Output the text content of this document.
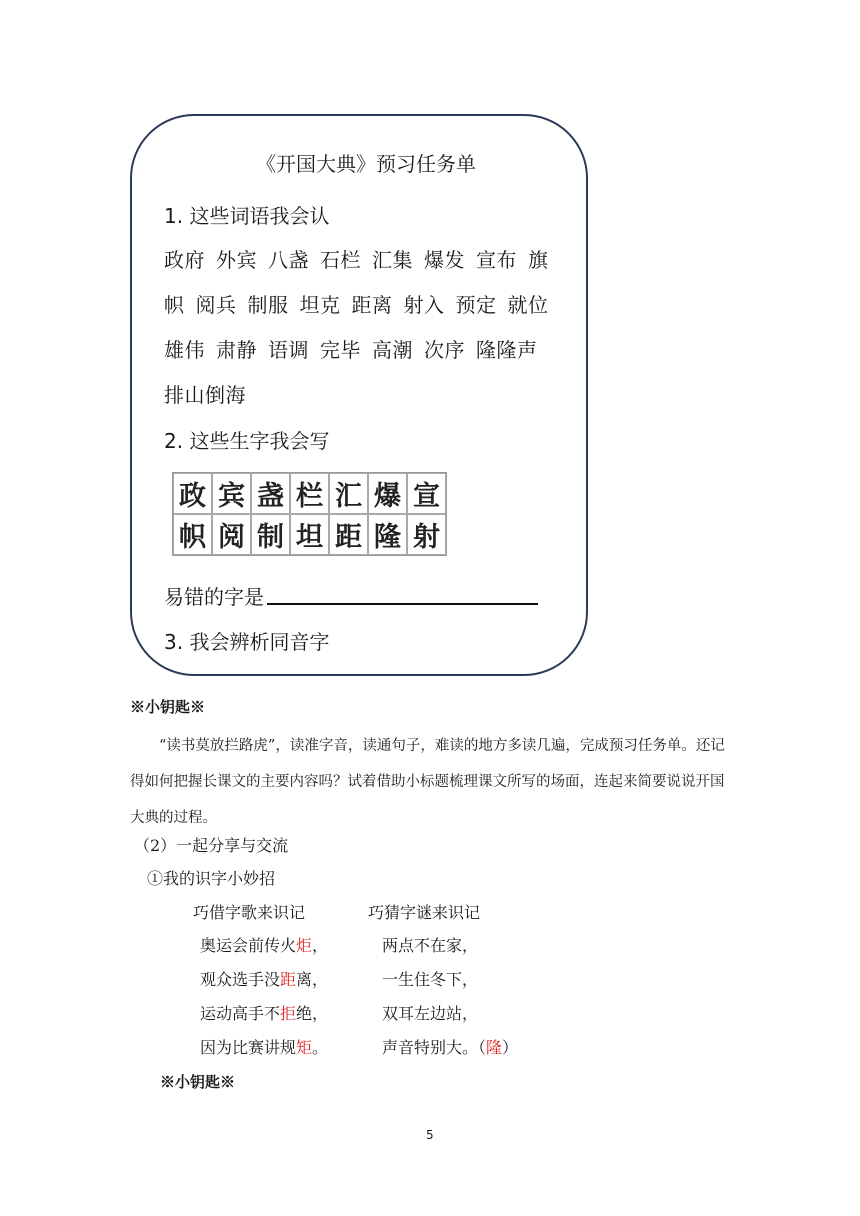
《开国大典》预习任务单
1. 这些词语我会认
政府 外宾 八盏 石栏 汇集 爆发 宣布 旗
帜 阅兵 制服 坦克 距离 射入 预定 就位
雄伟 肃静 语调 完毕 高潮 次序 隆隆声
排山倒海
2. 这些生字我会写
政 宾 盏 栏 汇 爆 宣
帜 阅 制 坦 距 隆 射
易错的字是
3. 我会辨析同音字
※小钥匙※
“读书莫放拦路虎”，读准字音，读通句子，难读的地方多读几遍，完成预习任务单。还记得如何把握长课文的主要内容吗？试着借助小标题梳理课文所写的场面，连起来简要说说开国大典的过程。
（2）一起分享与交流
①我的识字小妙招
巧借字歌来识记	巧猜字谜来识记
奥运会前传火炬，
观众选手没距离，
运动高手不拒绝，
因为比赛讲规矩。
两点不在家，
一生住冬下，
双耳左边站，
声音特别大。（隆）
※小钥匙※
5
